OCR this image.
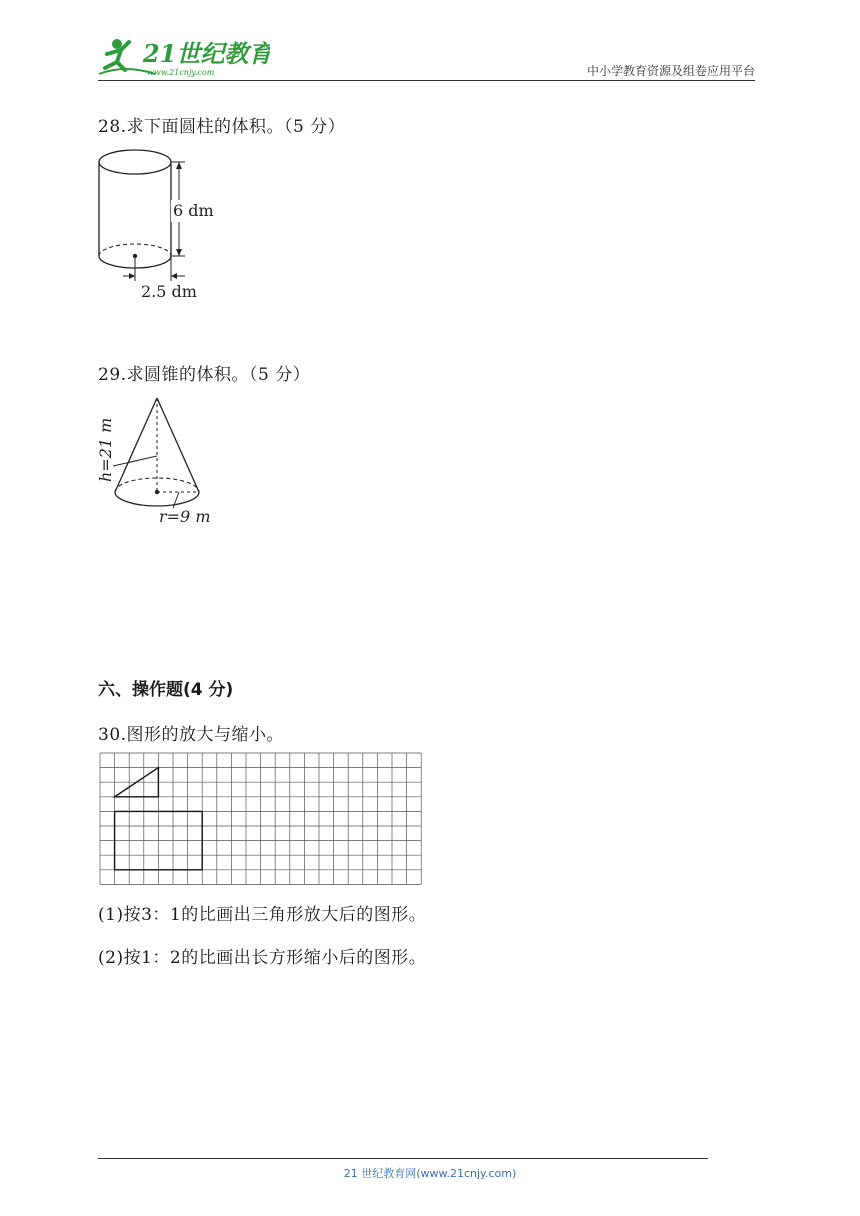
21世纪教育
www.21cnjy.com	中小学教育资源及组卷应用平台
28.求下面圆柱的体积。（5 分）
6 dm
2.5 dm
29.求圆锥的体积。（5 分）
h=21 m
r=9 m
六、操作题(4 分)
30.图形的放大与缩小。
(1)按3：1的比画出三角形放大后的图形。
(2)按1：2的比画出长方形缩小后的图形。
21 世纪教育网(www.21cnjy.com)
